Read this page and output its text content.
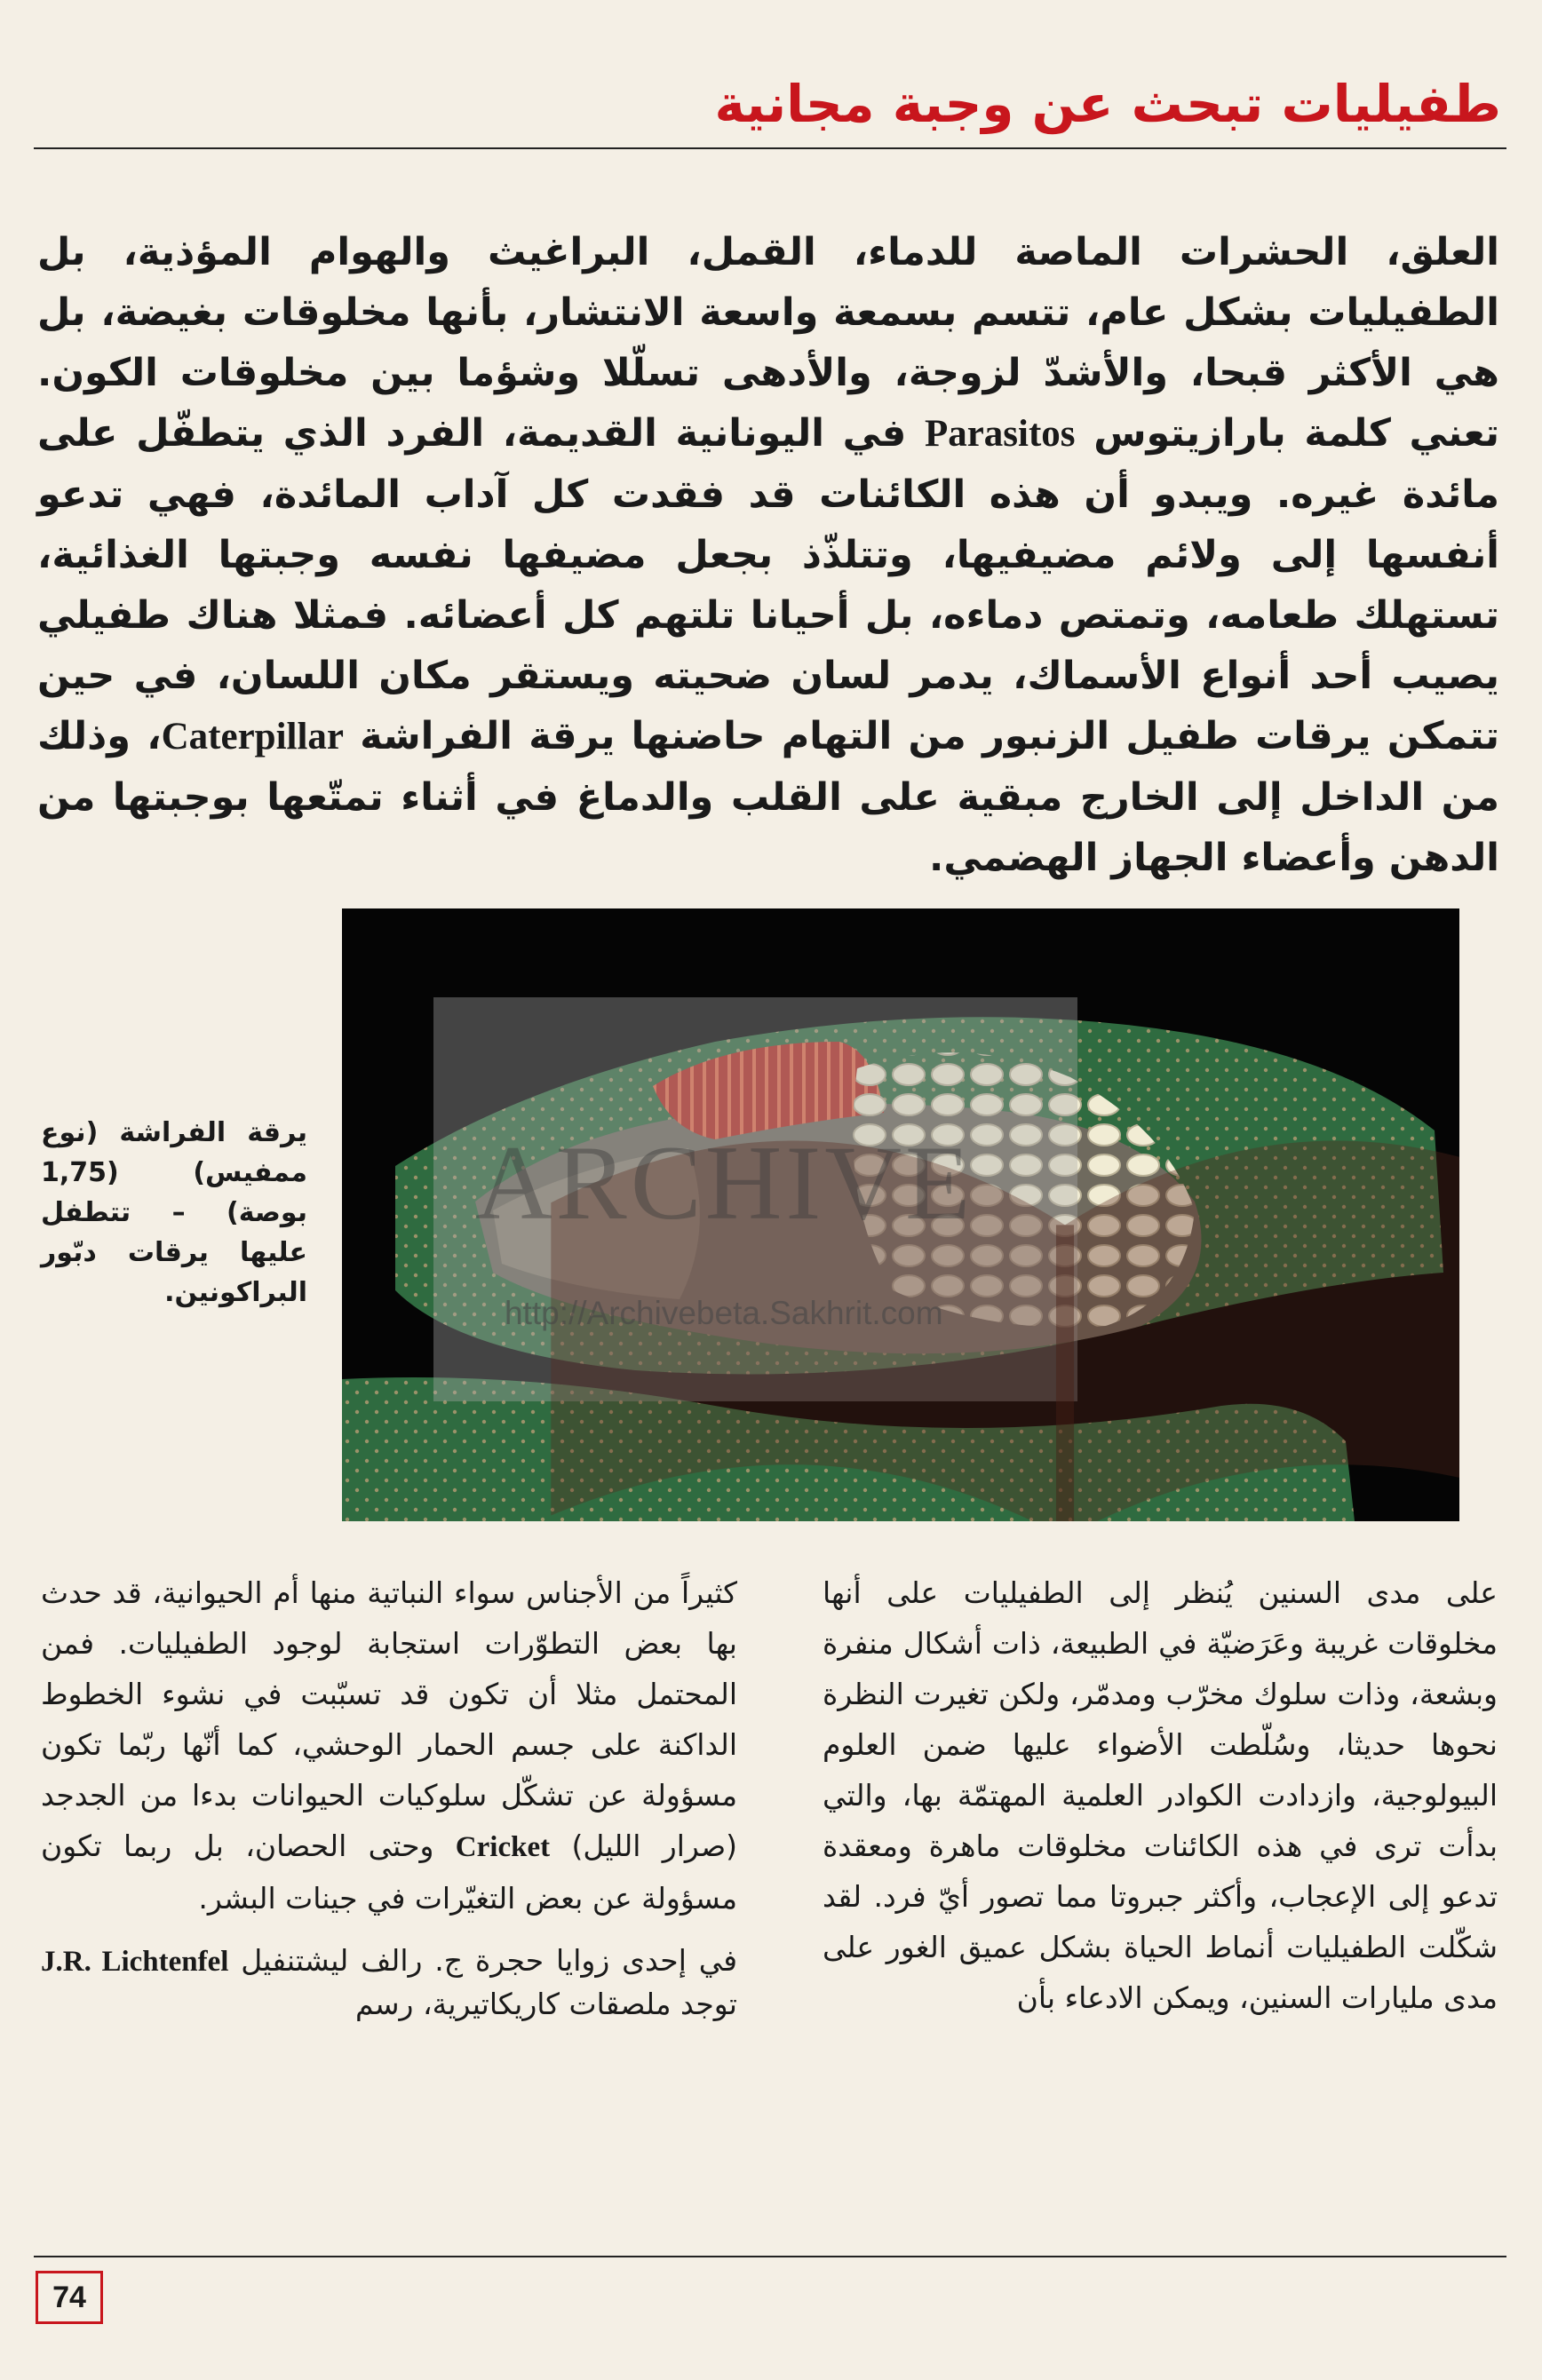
طفيليات تبحث عن وجبة مجانية

العلق، الحشرات الماصة للدماء، القمل، البراغيث والهوام المؤذية، بل الطفيليات بشكل عام، تتسم بسمعة واسعة الانتشار، بأنها مخلوقات بغيضة، بل هي الأكثر قبحا، والأشدّ لزوجة، والأدهى تسلّلا وشؤما بين مخلوقات الكون. تعني كلمة بارازيتوس Parasitos في اليونانية القديمة، الفرد الذي يتطفّل على مائدة غيره. ويبدو أن هذه الكائنات قد فقدت كل آداب المائدة، فهي تدعو أنفسها إلى ولائم مضيفيها، وتتلذّذ بجعل مضيفها نفسه وجبتها الغذائية، تستهلك طعامه، وتمتص دماءه، بل أحيانا تلتهم كل أعضائه. فمثلا هناك طفيلي يصيب أحد أنواع الأسماك، يدمر لسان ضحيته ويستقر مكان اللسان، في حين تتمكن يرقات طفيل الزنبور من التهام حاضنها يرقة الفراشة Caterpillar، وذلك من الداخل إلى الخارج مبقية على القلب والدماغ في أثناء تمتّعها بوجبتها من الدهن وأعضاء الجهاز الهضمي.

ARCHIVE
http://Archivebeta.Sakhrit.com

يرقة الفراشة (نوع ممفيس) (1,75 بوصة) – تتطفل عليها يرقات دبّور البراكونين.

على مدى السنين يُنظر إلى الطفيليات على أنها مخلوقات غريبة وعَرَضيّة في الطبيعة، ذات أشكال منفرة وبشعة، وذات سلوك مخرّب ومدمّر، ولكن تغيرت النظرة نحوها حديثا، وسُلّطت الأضواء عليها ضمن العلوم البيولوجية، وازدادت الكوادر العلمية المهتمّة بها، والتي بدأت ترى في هذه الكائنات مخلوقات ماهرة ومعقدة تدعو إلى الإعجاب، وأكثر جبروتا مما تصور أيّ فرد. لقد شكّلت الطفيليات أنماط الحياة بشكل عميق الغور على مدى مليارات السنين، ويمكن الادعاء بأن

كثيراً من الأجناس سواء النباتية منها أم الحيوانية، قد حدث بها بعض التطوّرات استجابة لوجود الطفيليات. فمن المحتمل مثلا أن تكون قد تسبّبت في نشوء الخطوط الداكنة على جسم الحمار الوحشي، كما أنّها ربّما تكون مسؤولة عن تشكّل سلوكيات الحيوانات بدءا من الجدجد (صرار الليل) Cricket وحتى الحصان، بل ربما تكون مسؤولة عن بعض التغيّرات في جينات البشر.

في إحدى زوايا حجرة ج. رالف ليشتنفيل J.R. Lichtenfel توجد ملصقات كاريكاتيرية، رسم

74
